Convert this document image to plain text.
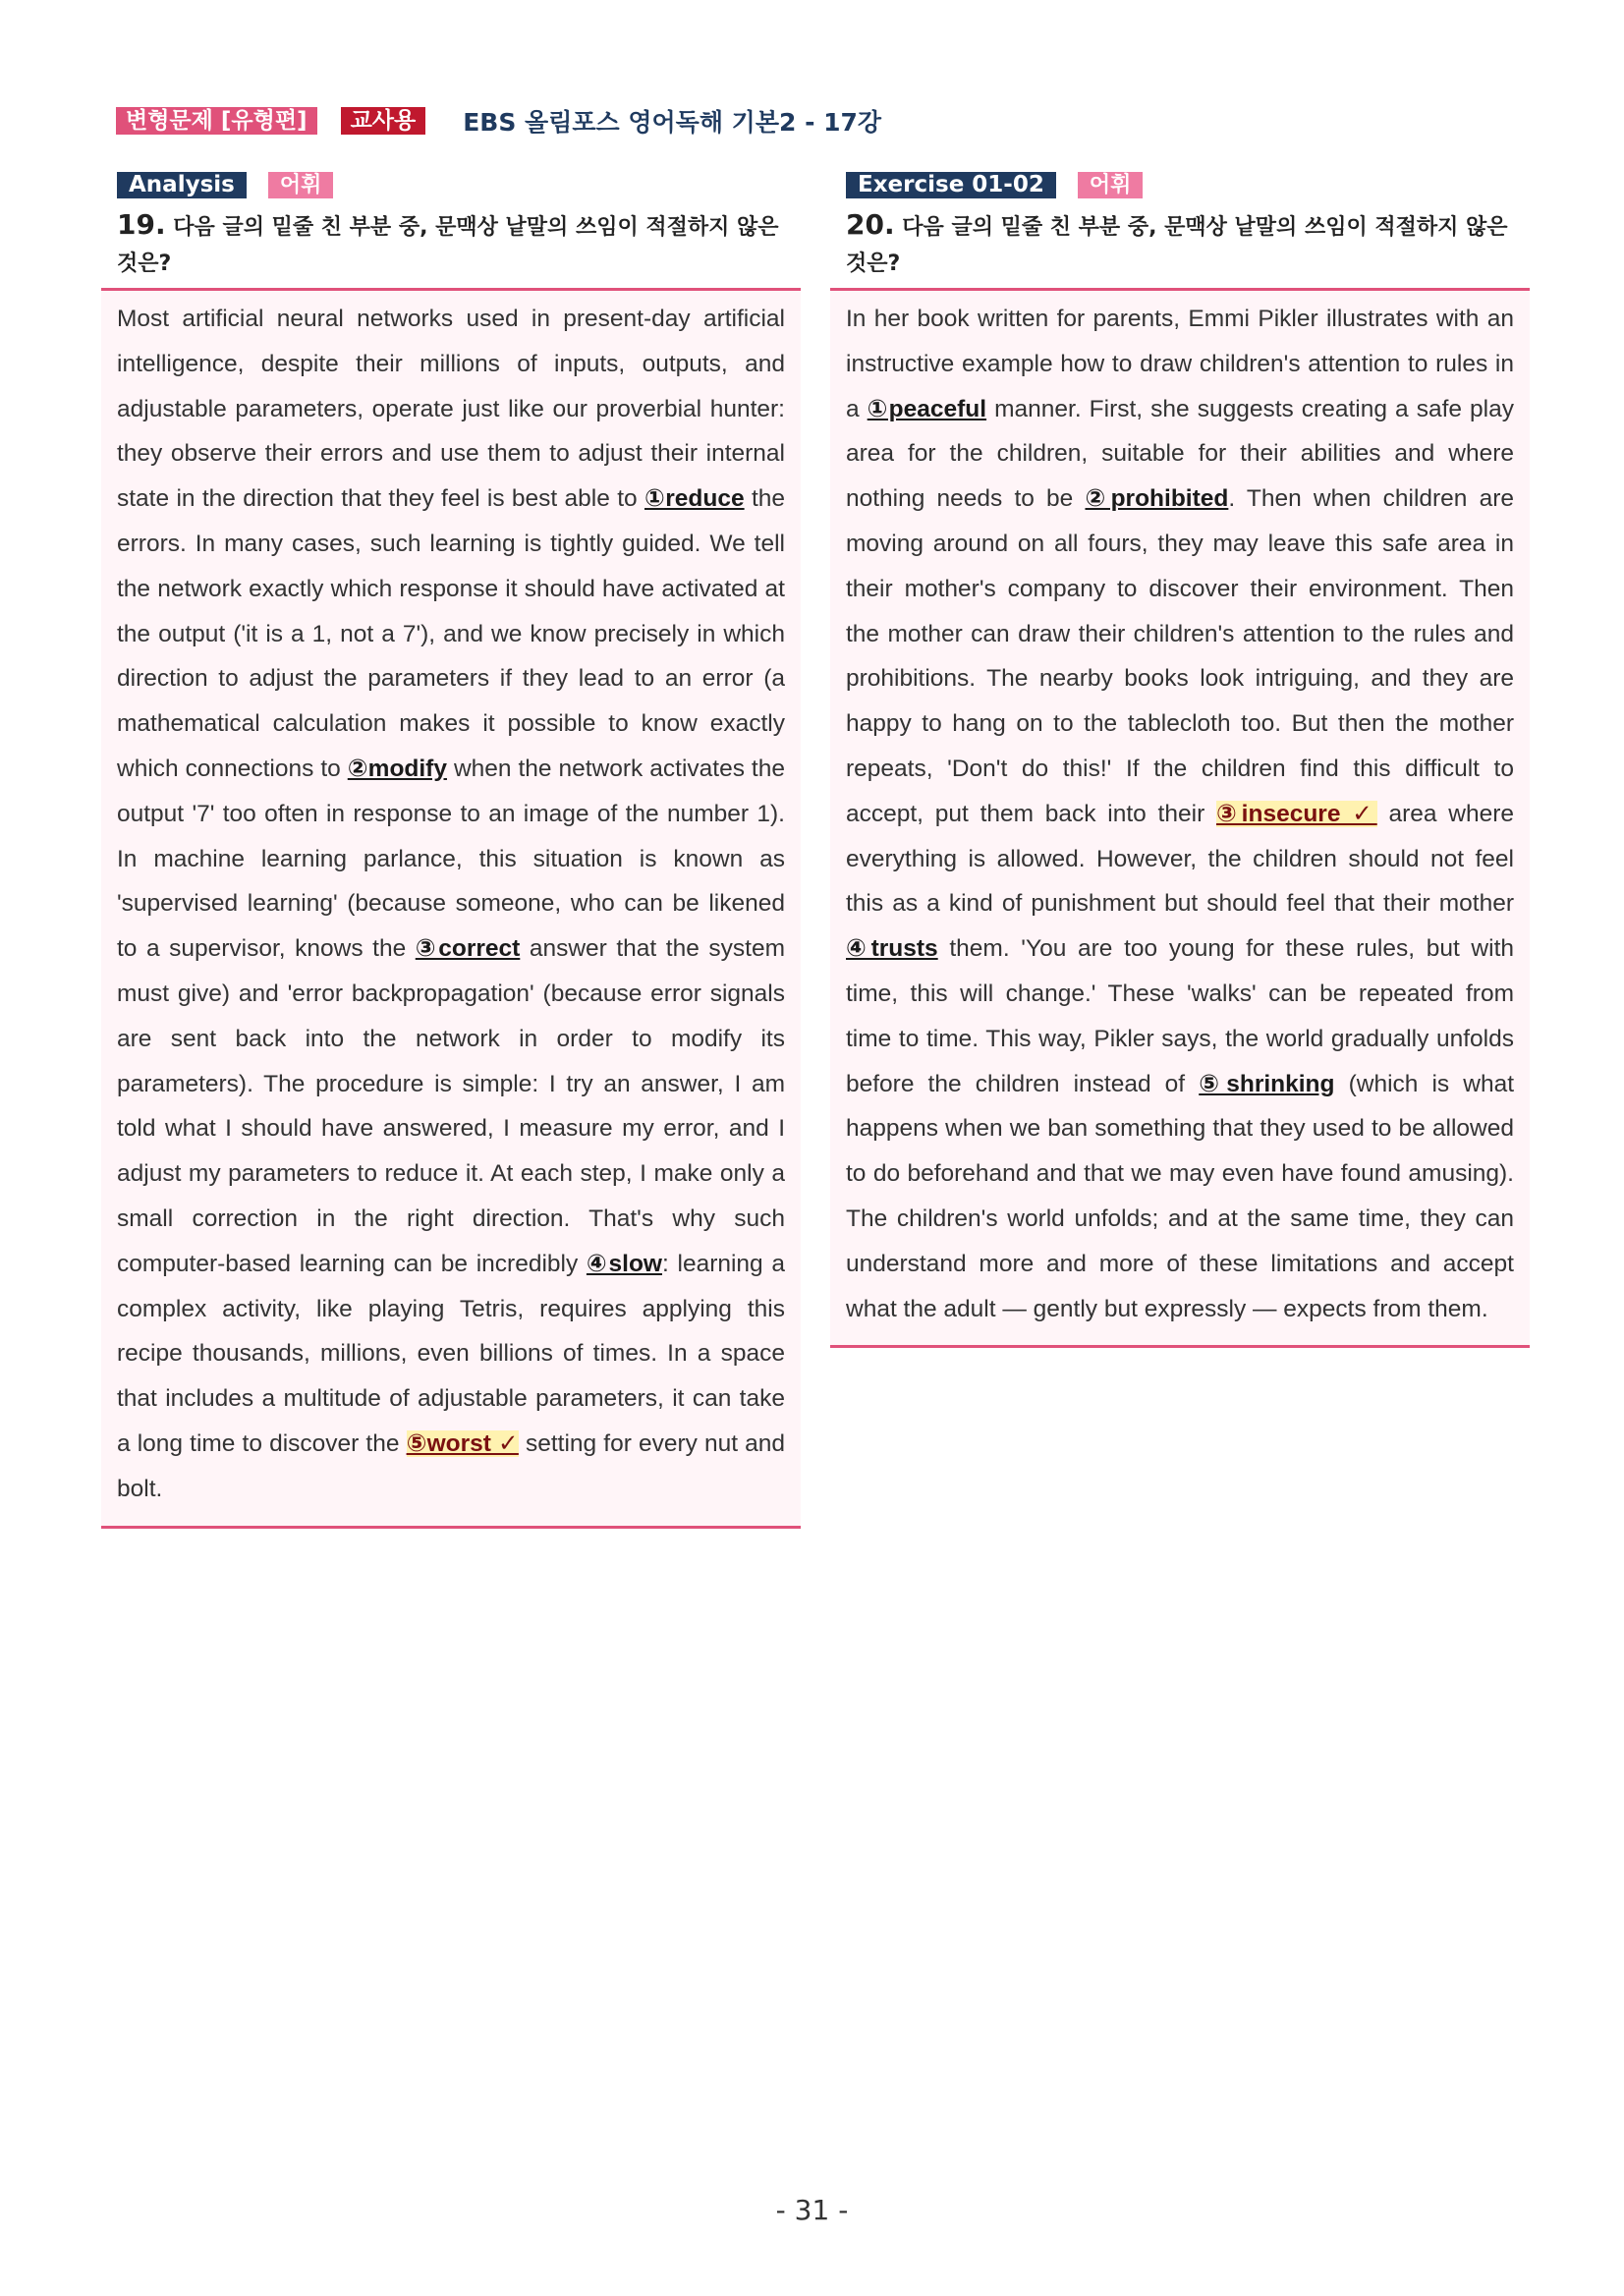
변형문제 [유형편]	교사용	EBS 올림포스 영어독해 기본2 - 17강
Analysis	어휘
19. 다음 글의 밑줄 친 부분 중, 문맥상 낱말의 쓰임이 적절하지 않은 것은?
Most artificial neural networks used in present-day artificial intelligence, despite their millions of inputs, outputs, and adjustable parameters, operate just like our proverbial hunter: they observe their errors and use them to adjust their internal state in the direction that they feel is best able to ①reduce the errors. In many cases, such learning is tightly guided. We tell the network exactly which response it should have activated at the output ('it is a 1, not a 7'), and we know precisely in which direction to adjust the parameters if they lead to an error (a mathematical calculation makes it possible to know exactly which connections to ②modify when the network activates the output '7' too often in response to an image of the number 1). In machine learning parlance, this situation is known as 'supervised learning' (because someone, who can be likened to a supervisor, knows the ③correct answer that the system must give) and 'error backpropagation' (because error signals are sent back into the network in order to modify its parameters). The procedure is simple: I try an answer, I am told what I should have answered, I measure my error, and I adjust my parameters to reduce it. At each step, I make only a small correction in the right direction. That's why such computer-based learning can be incredibly ④slow: learning a complex activity, like playing Tetris, requires applying this recipe thousands, millions, even billions of times. In a space that includes a multitude of adjustable parameters, it can take a long time to discover the ⑤worst ✓ setting for every nut and bolt.
Exercise 01-02	어휘
20. 다음 글의 밑줄 친 부분 중, 문맥상 낱말의 쓰임이 적절하지 않은 것은?
In her book written for parents, Emmi Pikler illustrates with an instructive example how to draw children's attention to rules in a ①peaceful manner. First, she suggests creating a safe play area for the children, suitable for their abilities and where nothing needs to be ②prohibited. Then when children are moving around on all fours, they may leave this safe area in their mother's company to discover their environment. Then the mother can draw their children's attention to the rules and prohibitions. The nearby books look intriguing, and they are happy to hang on to the tablecloth too. But then the mother repeats, 'Don't do this!' If the children find this difficult to accept, put them back into their ③insecure ✓ area where everything is allowed. However, the children should not feel this as a kind of punishment but should feel that their mother ④trusts them. 'You are too young for these rules, but with time, this will change.' These 'walks' can be repeated from time to time. This way, Pikler says, the world gradually unfolds before the children instead of ⑤shrinking (which is what happens when we ban something that they used to be allowed to do beforehand and that we may even have found amusing). The children's world unfolds; and at the same time, they can understand more and more of these limitations and accept what the adult — gently but expressly — expects from them.
- 31 -
